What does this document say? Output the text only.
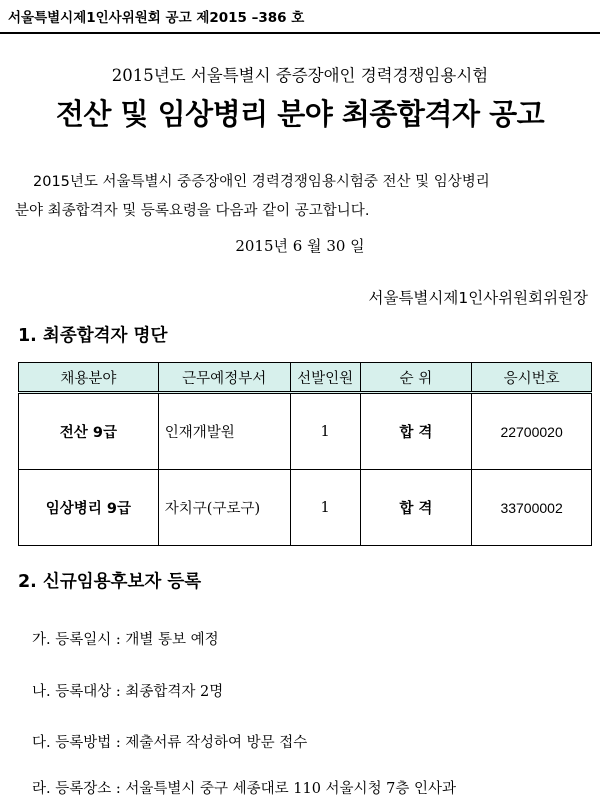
서울특별시제1인사위원회 공고 제2015 –386 호
2015년도 서울특별시 중증장애인 경력경쟁임용시험
전산 및 임상병리 분야 최종합격자 공고
2015년도 서울특별시 중증장애인 경력경쟁임용시험중 전산 및 임상병리
분야 최종합격자 및 등록요령을 다음과 같이 공고합니다.
2015년 6 월 30 일
서울특별시제1인사위원회위원장
1. 최종합격자 명단
채용분야	근무예정부서	선발인원	순 위	응시번호
전산 9급	인재개발원	1	합 격	22700020
임상병리 9급	자치구(구로구)	1	합 격	33700002
2. 신규임용후보자 등록
가. 등록일시 : 개별 통보 예정
나. 등록대상 : 최종합격자 2명
다. 등록방법 : 제출서류 작성하여 방문 접수
라. 등록장소 : 서울특별시 중구 세종대로 110 서울시청 7층 인사과
